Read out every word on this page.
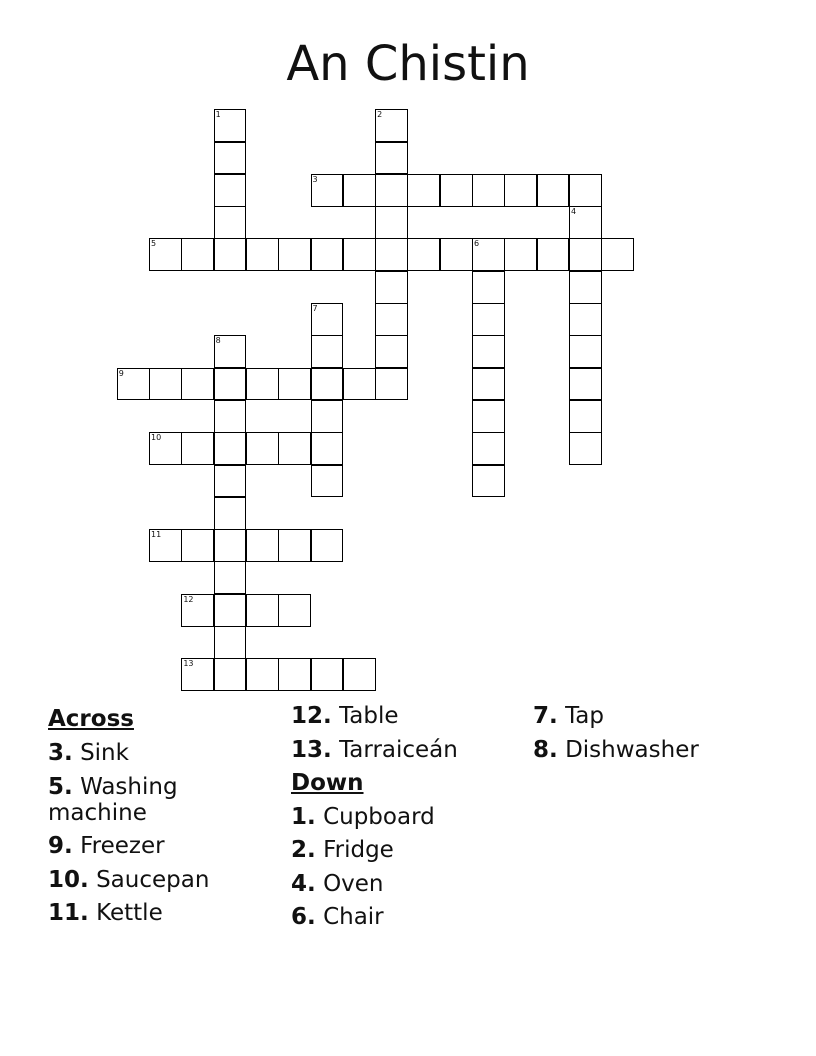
An Chistin
1	2
3
4
5	6
7
8
9
10
11
12
13
Across
3. Sink
5. Washing machine
9. Freezer
10. Saucepan
11. Kettle
12. Table
13. Tarraiceán
Down
1. Cupboard
2. Fridge
4. Oven
6. Chair
7. Tap
8. Dishwasher
